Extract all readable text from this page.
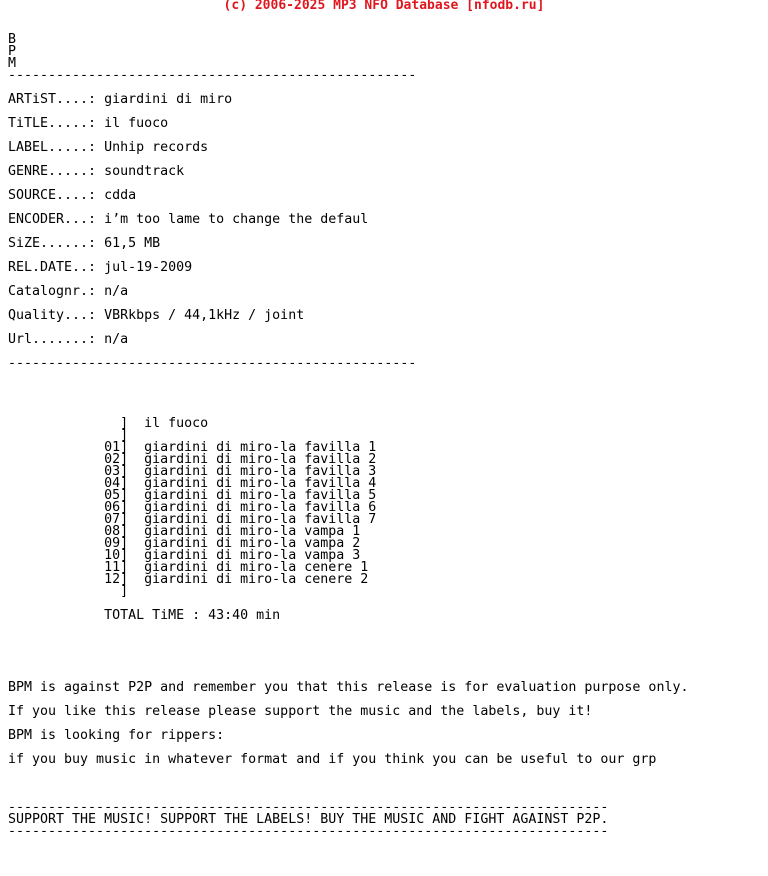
(c) 2006-2025 MP3 NFO Database [nfodb.ru]
B
P
M
---------------------------------------------------

ARTiST....: giardini di miro

TiTLE.....: il fuoco

LABEL.....: Unhip records

GENRE.....: soundtrack

SOURCE....: cdda

ENCODER...: i’m too lame to change the defaul

SiZE......: 61,5 MB

REL.DATE..: jul-19-2009

Catalognr.: n/a

Quality...: VBRkbps / 44,1kHz / joint

Url.......: n/a

---------------------------------------------------

]  il fuoco
]
01]  giardini di miro-la favilla 1
02]  giardini di miro-la favilla 2
03]  giardini di miro-la favilla 3
04]  giardini di miro-la favilla 4
05]  giardini di miro-la favilla 5
06]  giardini di miro-la favilla 6
07]  giardini di miro-la favilla 7
08]  giardini di miro-la vampa 1
09]  giardini di miro-la vampa 2
10]  giardini di miro-la vampa 3
11]  giardini di miro-la cenere 1
12]  giardini di miro-la cenere 2
]

TOTAL TiME : 43:40 min

BPM is against P2P and remember you that this release is for evaluation purpose only.

If you like this release please support the music and the labels, buy it!

BPM is looking for rippers:

if you buy music in whatever format and if you think you can be useful to our grp

---------------------------------------------------------------------------
SUPPORT THE MUSIC! SUPPORT THE LABELS! BUY THE MUSIC AND FIGHT AGAINST P2P.
---------------------------------------------------------------------------
